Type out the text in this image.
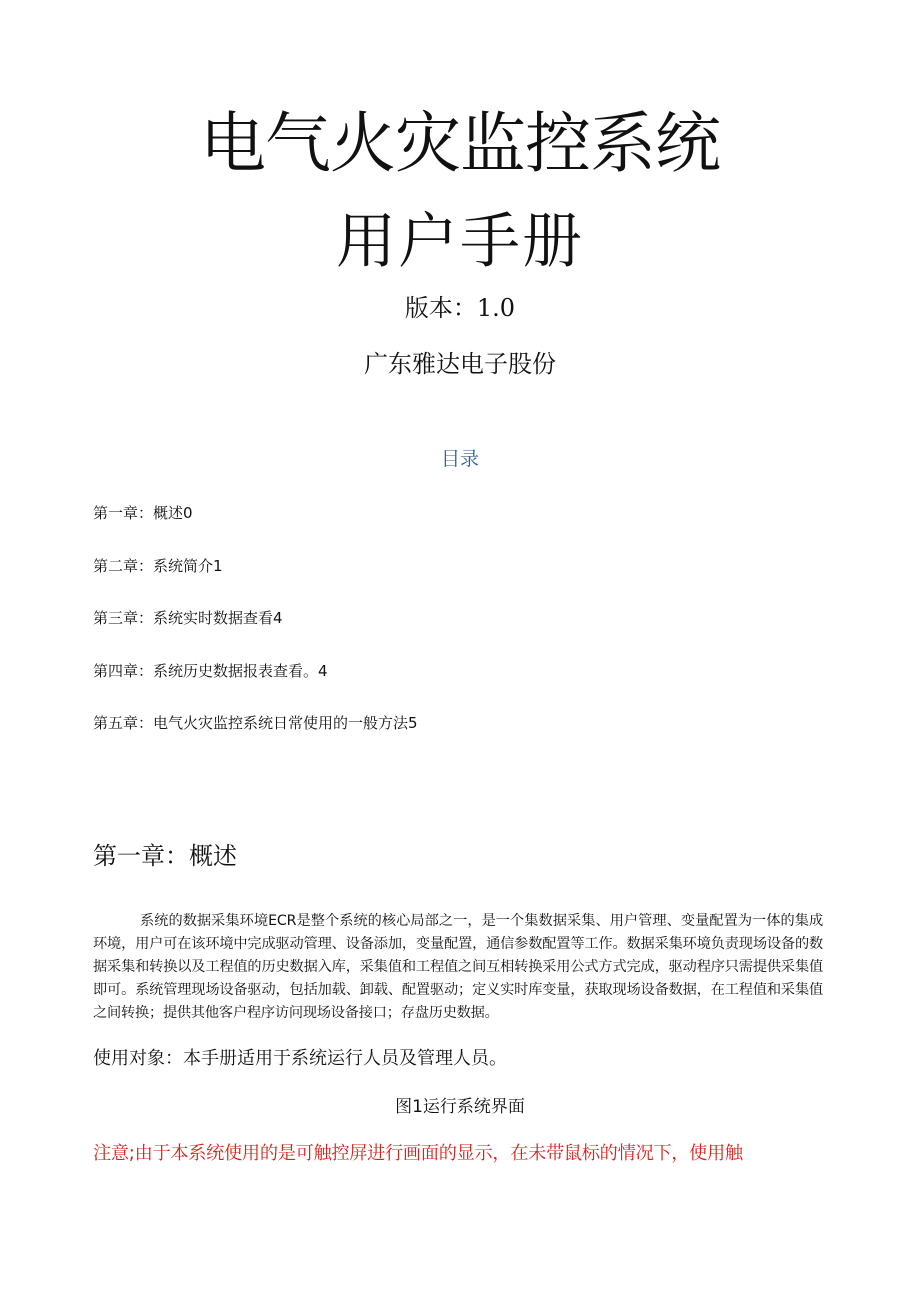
电气火灾监控系统
用户手册
版本：1.0
广东雅达电子股份
目录
第一章：概述0
第二章：系统简介1
第三章：系统实时数据查看4
第四章：系统历史数据报表查看。4
第五章：电气火灾监控系统日常使用的一般方法5
第一章：概述

系统的数据采集环境ECR是整个系统的核心局部之一，是一个集数据采集、用户管理、变量配置为一体的集成环境，用户可在该环境中完成驱动管理、设备添加，变量配置，通信参数配置等工作。数据采集环境负责现场设备的数据采集和转换以及工程值的历史数据入库，采集值和工程值之间互相转换采用公式方式完成，驱动程序只需提供采集值即可。系统管理现场设备驱动，包括加载、卸载、配置驱动；定义实时库变量，获取现场设备数据，在工程值和采集值之间转换；提供其他客户程序访问现场设备接口；存盘历史数据。

使用对象：本手册适用于系统运行人员及管理人员。
图1运行系统界面
注意;由于本系统使用的是可触控屏进行画面的显示，在未带鼠标的情况下，使用触
